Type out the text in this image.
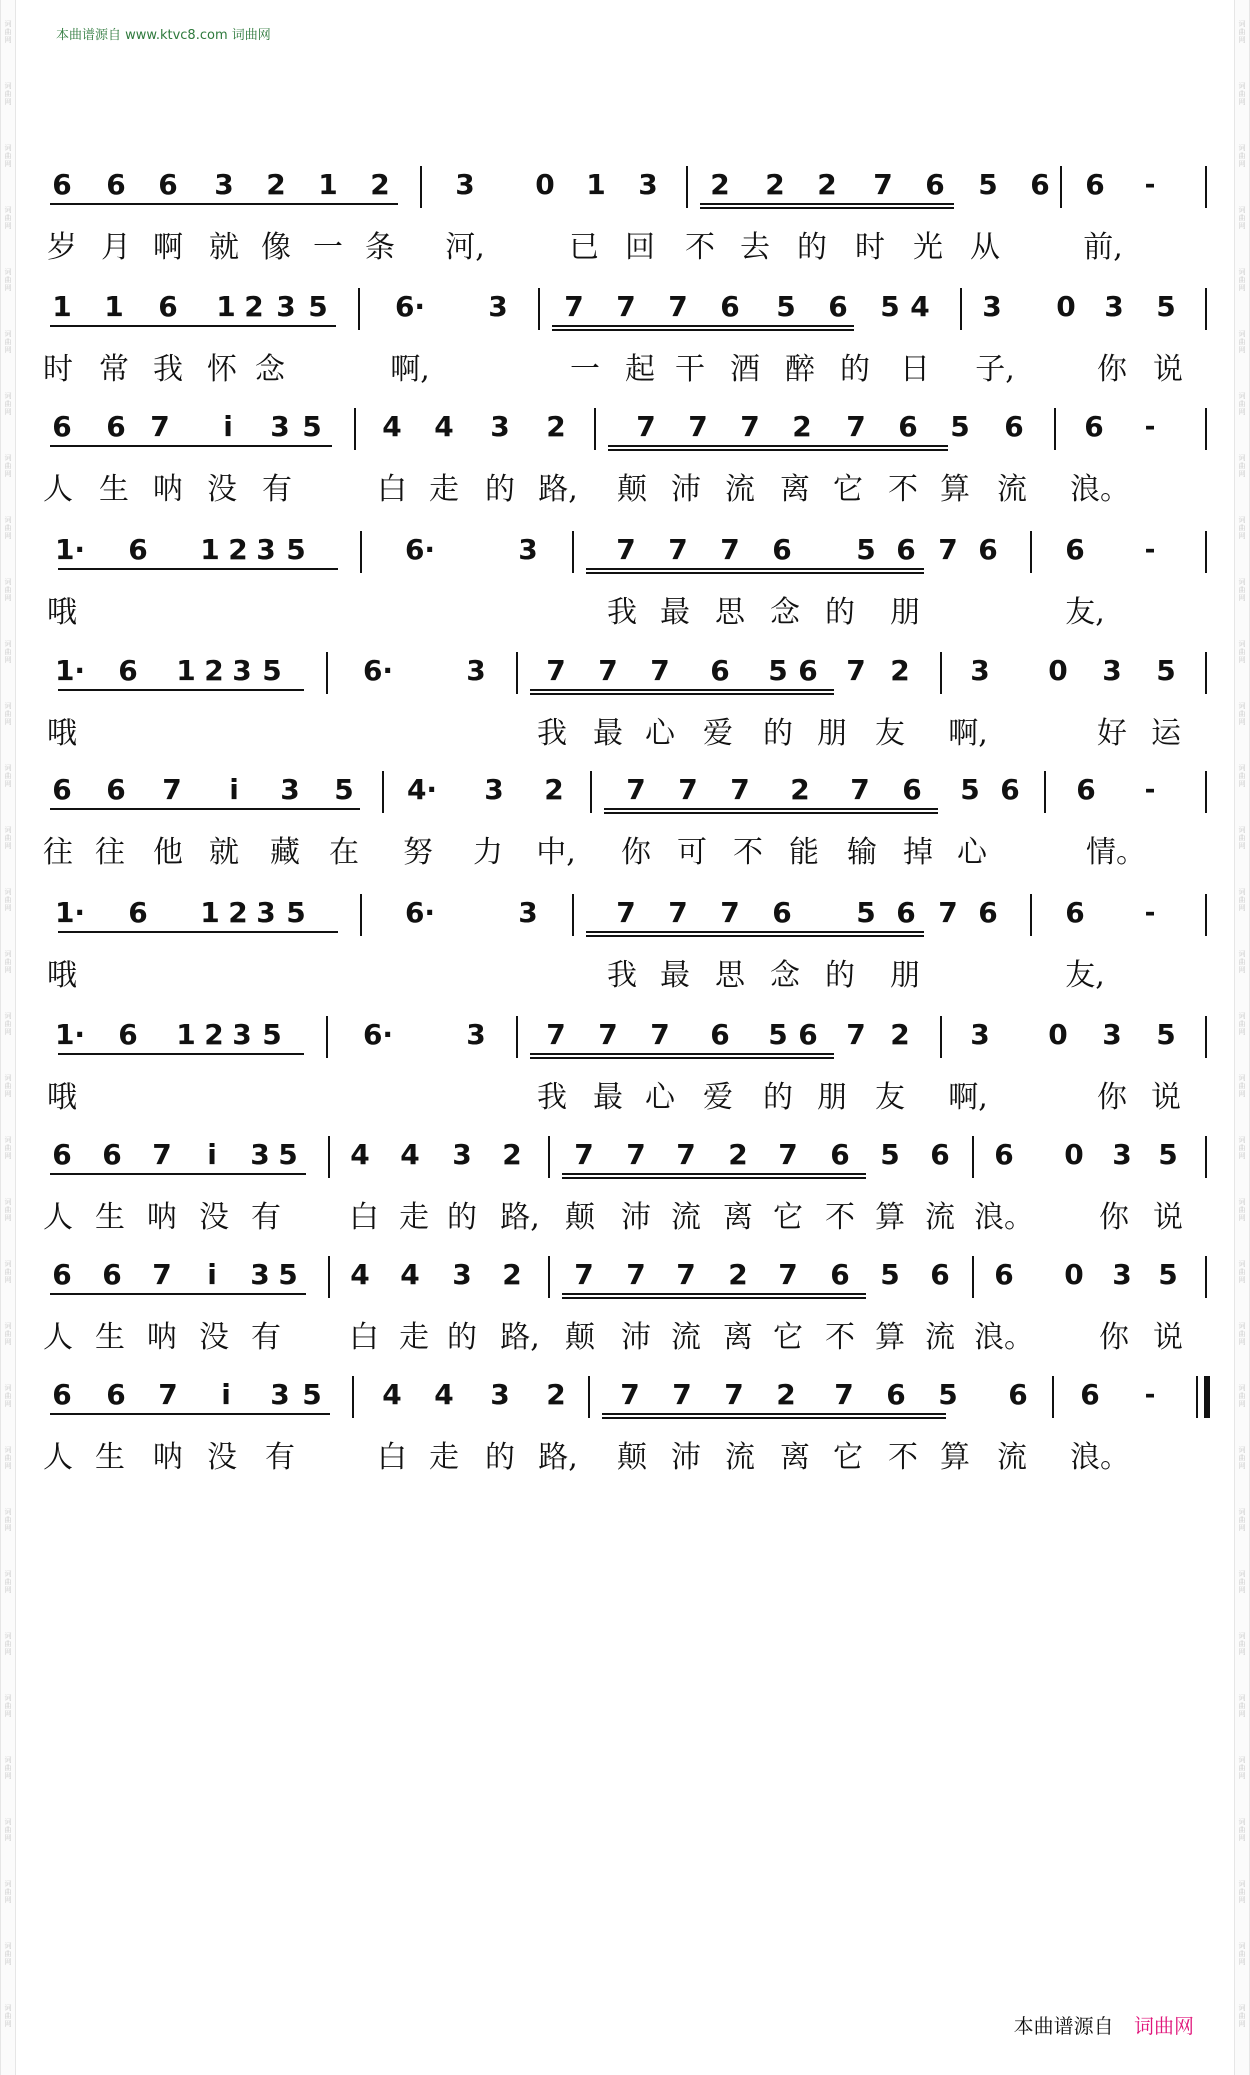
词曲网
词曲网
词曲网
词曲网
词曲网
词曲网
词曲网
词曲网
词曲网
词曲网
词曲网
词曲网
词曲网
词曲网
词曲网
词曲网
词曲网
词曲网
词曲网
词曲网
词曲网
词曲网
词曲网
词曲网
词曲网
词曲网
词曲网
词曲网
词曲网
词曲网
词曲网
词曲网
词曲网
词曲网
词曲网
词曲网
词曲网
词曲网
词曲网
词曲网
词曲网
词曲网
词曲网
词曲网
词曲网
词曲网
词曲网
词曲网
词曲网
词曲网
词曲网
词曲网
词曲网
词曲网
词曲网
词曲网
词曲网
词曲网
词曲网
词曲网
词曲网
词曲网
词曲网
词曲网
词曲网
词曲网
本曲谱源自 www.ktvc8.com 词曲网
6 6 6 3 2 1 2 3 0 1 3 2 2 2 7 6 5 6 6 -
岁 月 啊 就 像 一 条 河,	已 回 不 去 的 时 光 从	前,
1 1 6 1 2 3 5 6· 3 7 7 7 6 5 6 5 4 3 0 3 5
时 常 我 怀 念	啊,	一 起 干 酒 醉 的 日 子,	你 说
6 6 7 i 3 5 4 4 3 2	7 7 7 2 7 6 5 6 6 -
人 生 呐 没 有	白 走 的 路, 颠 沛 流 离 它 不 算 流 浪。
1· 6 1 2 3 5	6·	3	7 7 7 6 5 6 7 6 6 -
哦	我 最 思 念 的 朋	友,
1· 6 1 2 3 5	6·	3 7 7 7 6 5 6 7 2 3 0 3 5
哦	我 最 心 爱 的 朋 友 啊,	好 运
6 6 7 i 3 5 4· 3 2 7 7 7 2 7 6 5 6 6 -
往 往 他 就 藏 在 努 力 中, 你 可 不 能 输 掉 心	情。
1· 6 1 2 3 5	6·	3	7 7 7 6 5 6 7 6 6 -
哦	我 最 思 念 的 朋	友,
1· 6 1 2 3 5	6·	3 7 7 7 6 5 6 7 2 3 0 3 5
哦	我 最 心 爱 的 朋 友 啊,	你 说
6 6 7 i 3 5 4 4 3 2 7 7 7 2 7 6 5 6 6 0 3 5
人 生 呐 没 有 白 走 的 路, 颠 沛 流 离 它 不 算 流 浪。 你 说
6 6 7 i 3 5 4 4 3 2 7 7 7 2 7 6 5 6 6 0 3 5
人 生 呐 没 有 白 走 的 路, 颠 沛 流 离 它 不 算 流 浪。 你 说
6 6 7 i 3 5 4 4 3 2 7 7 7 2 7 6 5 6 6 -
人 生 呐 没 有	白 走 的 路, 颠 沛 流 离 它 不 算 流 浪。
本曲谱源自 词曲网
